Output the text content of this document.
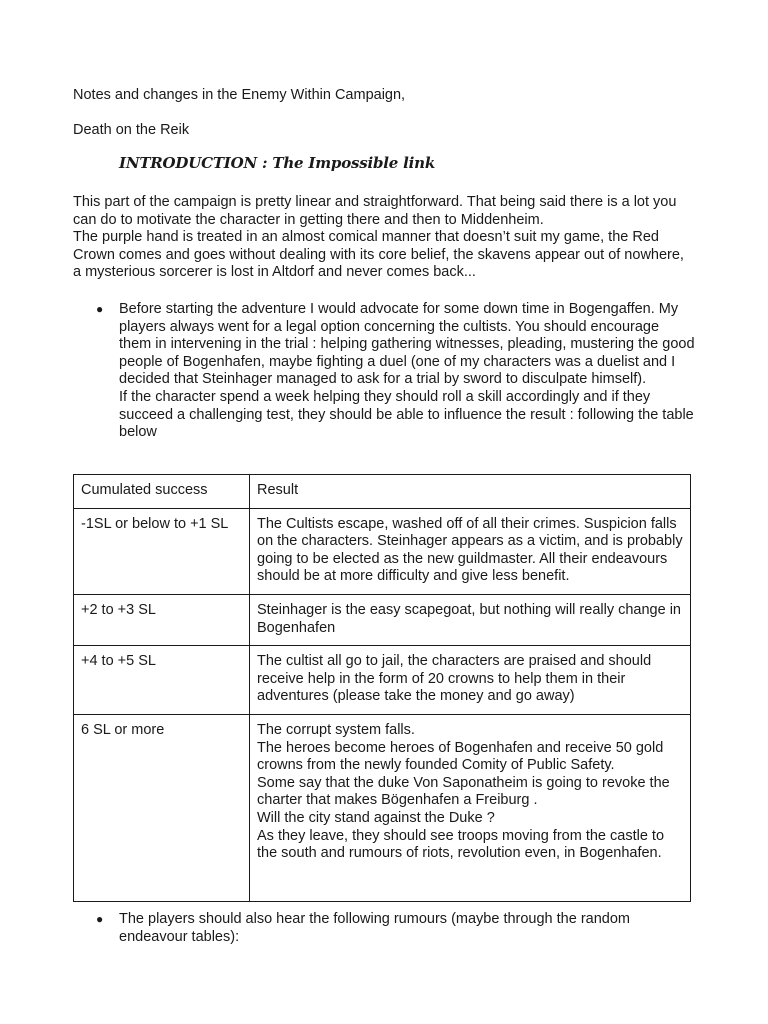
Notes and changes in the Enemy Within Campaign,
Death on the Reik
INTRODUCTION : The Impossible link

This part of the campaign is pretty linear and straightforward. That being said there is a lot you can do to motivate the character in getting there and then to Middenheim.

The purple hand is treated in an almost comical manner that doesn’t suit my game, the Red Crown comes and goes without dealing with its core belief, the skavens appear out of nowhere, a mysterious sorcerer is lost in Altdorf and never comes back...

● Before starting the adventure I would advocate for some down time in Bogengaffen. My players always went for a legal option concerning the cultists. You should encourage them in intervening in the trial : helping gathering witnesses, pleading, mustering the good people of Bogenhafen, maybe fighting a duel (one of my characters was a duelist and I decided that Steinhager managed to ask for a trial by sword to disculpate himself).

If the character spend a week helping they should roll a skill accordingly and if they succeed a challenging test, they should be able to influence the result : following the table below

Cumulated success	Result
-1SL or below to +1 SL	The Cultists escape, washed off of all their crimes. Suspicion falls on the characters. Steinhager appears as a victim, and is probably going to be elected as the new guildmaster. All their endeavours should be at more difficulty and give less benefit.

+2 to +3 SL	Steinhager is the easy scapegoat, but nothing will really change in Bogenhafen

+4 to +5 SL	The cultist all go to jail, the characters are praised and should receive help in the form of 20 crowns to help them in their adventures (please take the money and go away)

6 SL or more	The corrupt system falls.

The heroes become heroes of Bogenhafen and receive 50 gold crowns from the newly founded Comity of Public Safety.

Some say that the duke Von Saponatheim is going to revoke the charter that makes Bögenhafen a Freiburg .

Will the city stand against the Duke ?

As they leave, they should see troops moving from the castle to the south and rumours of riots, revolution even, in Bogenhafen.

● The players should also hear the following rumours (maybe through the random endeavour tables):
